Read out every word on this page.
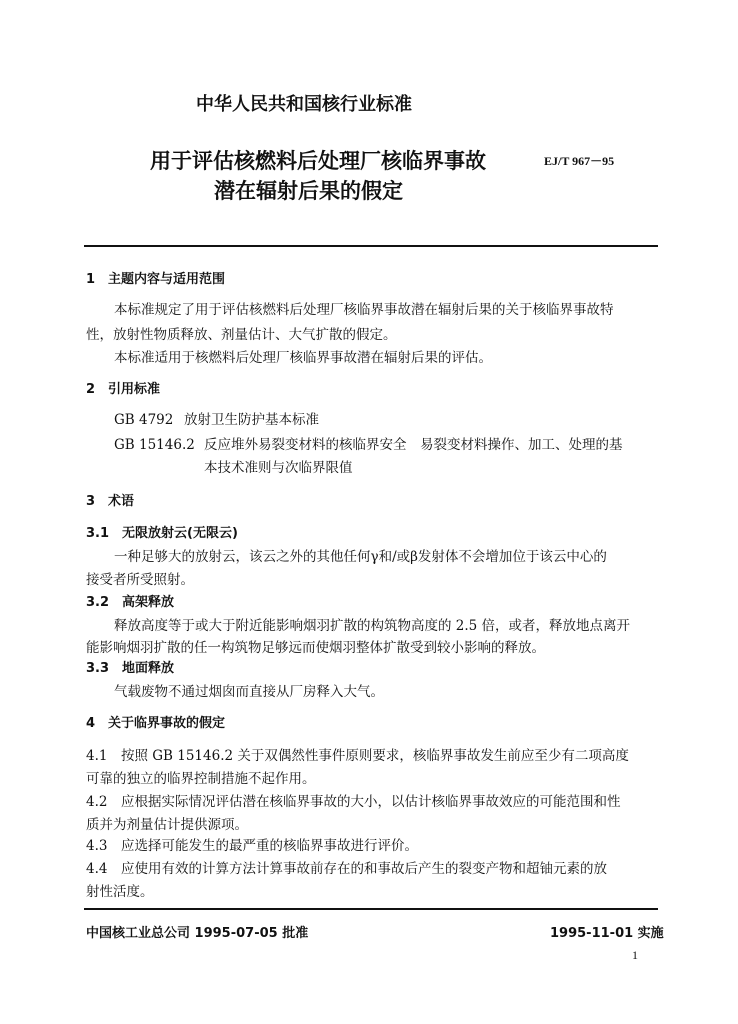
中华人民共和国核行业标准
用于评估核燃料后处理厂核临界事故
潜在辐射后果的假定
EJ/T 967－95
1　主题内容与适用范围
本标准规定了用于评估核燃料后处理厂核临界事故潜在辐射后果的关于核临界事故特
性，放射性物质释放、剂量估计、大气扩散的假定。
本标准适用于核燃料后处理厂核临界事故潜在辐射后果的评估。
2　引用标准
GB 4792 放射卫生防护基本标准
GB 15146.2 反应堆外易裂变材料的核临界安全　易裂变材料操作、加工、处理的基
本技术准则与次临界限值
3　术语
3.1　无限放射云(无限云)
一种足够大的放射云，该云之外的其他任何γ和/或β发射体不会增加位于该云中心的
接受者所受照射。
3.2　高架释放
释放高度等于或大于附近能影响烟羽扩散的构筑物高度的 2.5 倍，或者，释放地点离开
能影响烟羽扩散的任一构筑物足够远而使烟羽整体扩散受到较小影响的释放。
3.3　地面释放
气载废物不通过烟囱而直接从厂房释入大气。
4　关于临界事故的假定
4.1　按照 GB 15146.2 关于双偶然性事件原则要求，核临界事故发生前应至少有二项高度
可靠的独立的临界控制措施不起作用。
4.2　应根据实际情况评估潜在核临界事故的大小，以估计核临界事故效应的可能范围和性
质并为剂量估计提供源项。
4.3　应选择可能发生的最严重的核临界事故进行评价。
4.4　应使用有效的计算方法计算事故前存在的和事故后产生的裂变产物和超铀元素的放
射性活度。
中国核工业总公司 1995-07-05 批准	1995-11-01 实施
1
